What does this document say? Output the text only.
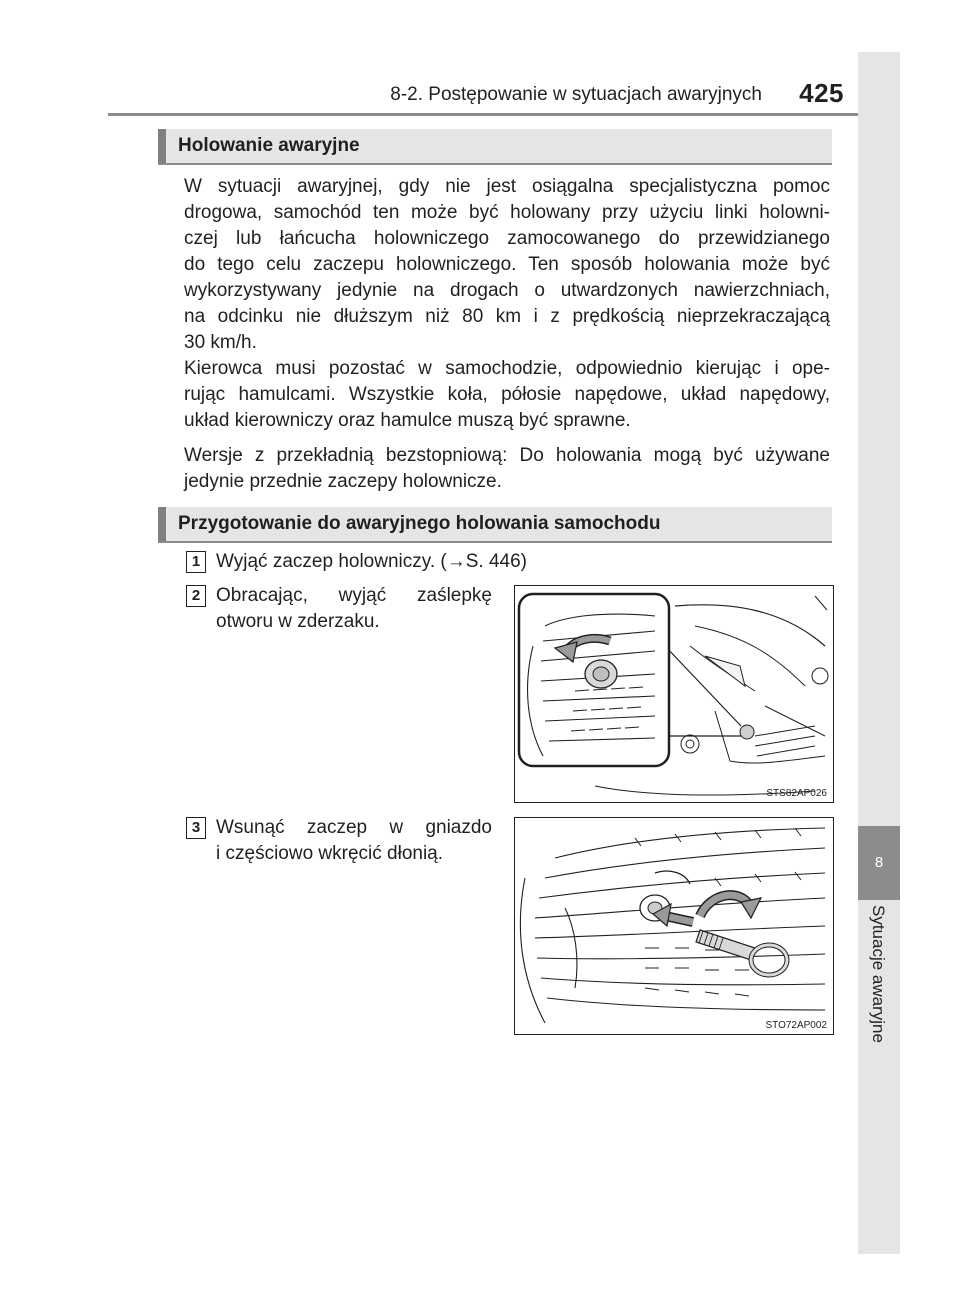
8-2. Postępowanie w sytuacjach awaryjnych 425
8
Sytuacje awaryjne
Holowanie awaryjne
W sytuacji awaryjnej, gdy nie jest osiągalna specjalistyczna pomoc
drogowa, samochód ten może być holowany przy użyciu linki holowni-
czej lub łańcucha holowniczego zamocowanego do przewidzianego
do tego celu zaczepu holowniczego. Ten sposób holowania może być
wykorzystywany jedynie na drogach o utwardzonych nawierzchniach,
na odcinku nie dłuższym niż 80 km i z prędkością nieprzekraczającą
30 km/h.
Kierowca musi pozostać w samochodzie, odpowiednio kierując i ope-
rując hamulcami. Wszystkie koła, półosie napędowe, układ napędowy,
układ kierowniczy oraz hamulce muszą być sprawne.
Wersje z przekładnią bezstopniową: Do holowania mogą być używane
jedynie przednie zaczepy holownicze.
Przygotowanie do awaryjnego holowania samochodu
1 Wyjąć zaczep holowniczy. (→S. 446)
2 Obracając, wyjąć zaślepkę
otworu w zderzaku.
3 Wsunąć zaczep w gniazdo
i częściowo wkręcić dłonią.
STS82AP026
STO72AP002
